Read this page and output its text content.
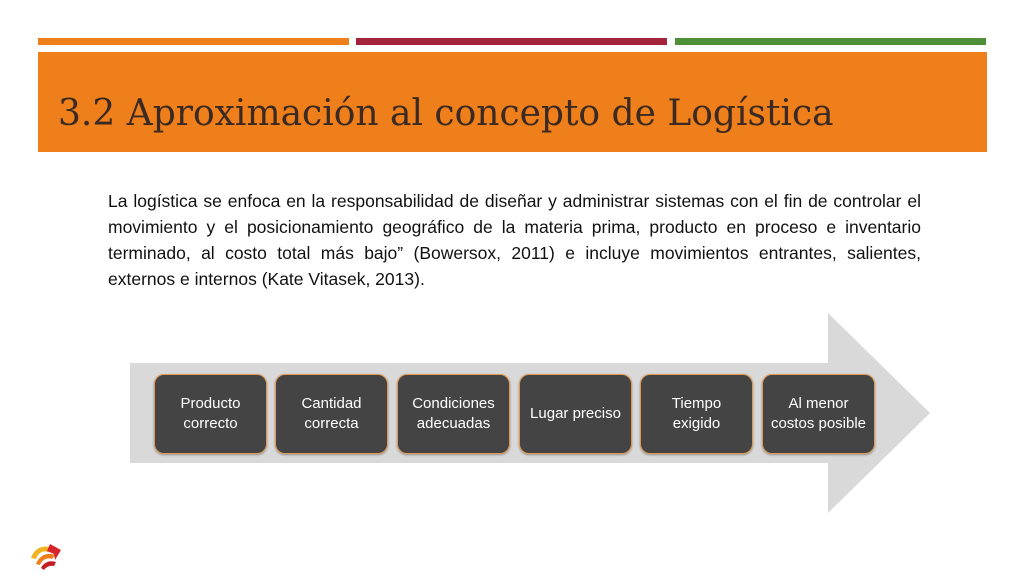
3.2 Aproximación al concepto de Logística

La logística se enfoca en la responsabilidad de diseñar y administrar sistemas con el fin de controlar el movimiento y el posicionamiento geográfico de la materia prima, producto en proceso e inventario terminado, al costo total más bajo” (Bowersox, 2011) e incluye movimientos entrantes, salientes, externos e internos (Kate Vitasek, 2013).

Producto correcto
Cantidad correcta
Condiciones adecuadas
Lugar preciso
Tiempo exigido
Al menor costos posible
